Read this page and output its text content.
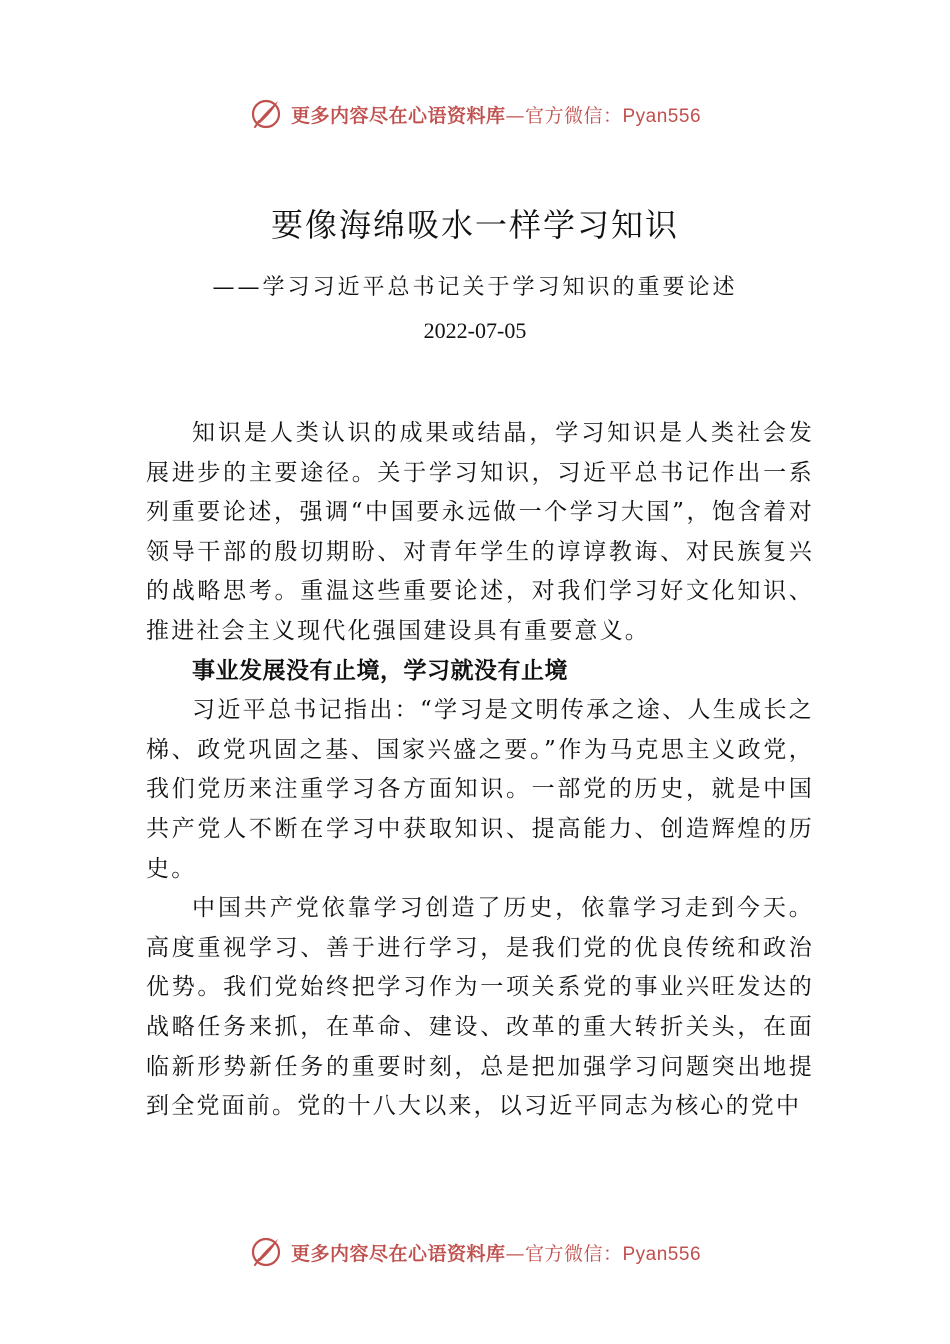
更多内容尽在心语资料库—官方微信：Pyan556
要像海绵吸水一样学习知识
——学习习近平总书记关于学习知识的重要论述
2022-07-05

知识是人类认识的成果或结晶，学习知识是人类社会发展进步的主要途径。关于学习知识，习近平总书记作出一系列重要论述，强调“中国要永远做一个学习大国”，饱含着对领导干部的殷切期盼、对青年学生的谆谆教诲、对民族复兴的战略思考。重温这些重要论述，对我们学习好文化知识、 推进社会主义现代化强国建设具有重要意义。

事业发展没有止境，学习就没有止境

习近平总书记指出：“学习是文明传承之途、人生成长之梯、政党巩固之基、国家兴盛之要。”作为马克思主义政党，我们党历来注重学习各方面知识。一部党的历史，就是中国共产党人不断在学习中获取知识、提高能力、创造辉煌的历史。

中国共产党依靠学习创造了历史，依靠学习走到今天。高度重视学习、善于进行学习，是我们党的优良传统和政治优势。我们党始终把学习作为一项关系党的事业兴旺发达的战略任务来抓，在革命、建设、改革的重大转折关头，在面临新形势新任务的重要时刻，总是把加强学习问题突出地提到全党面前。党的十八大以来，以习近平同志为核心的党中

更多内容尽在心语资料库—官方微信：Pyan556
